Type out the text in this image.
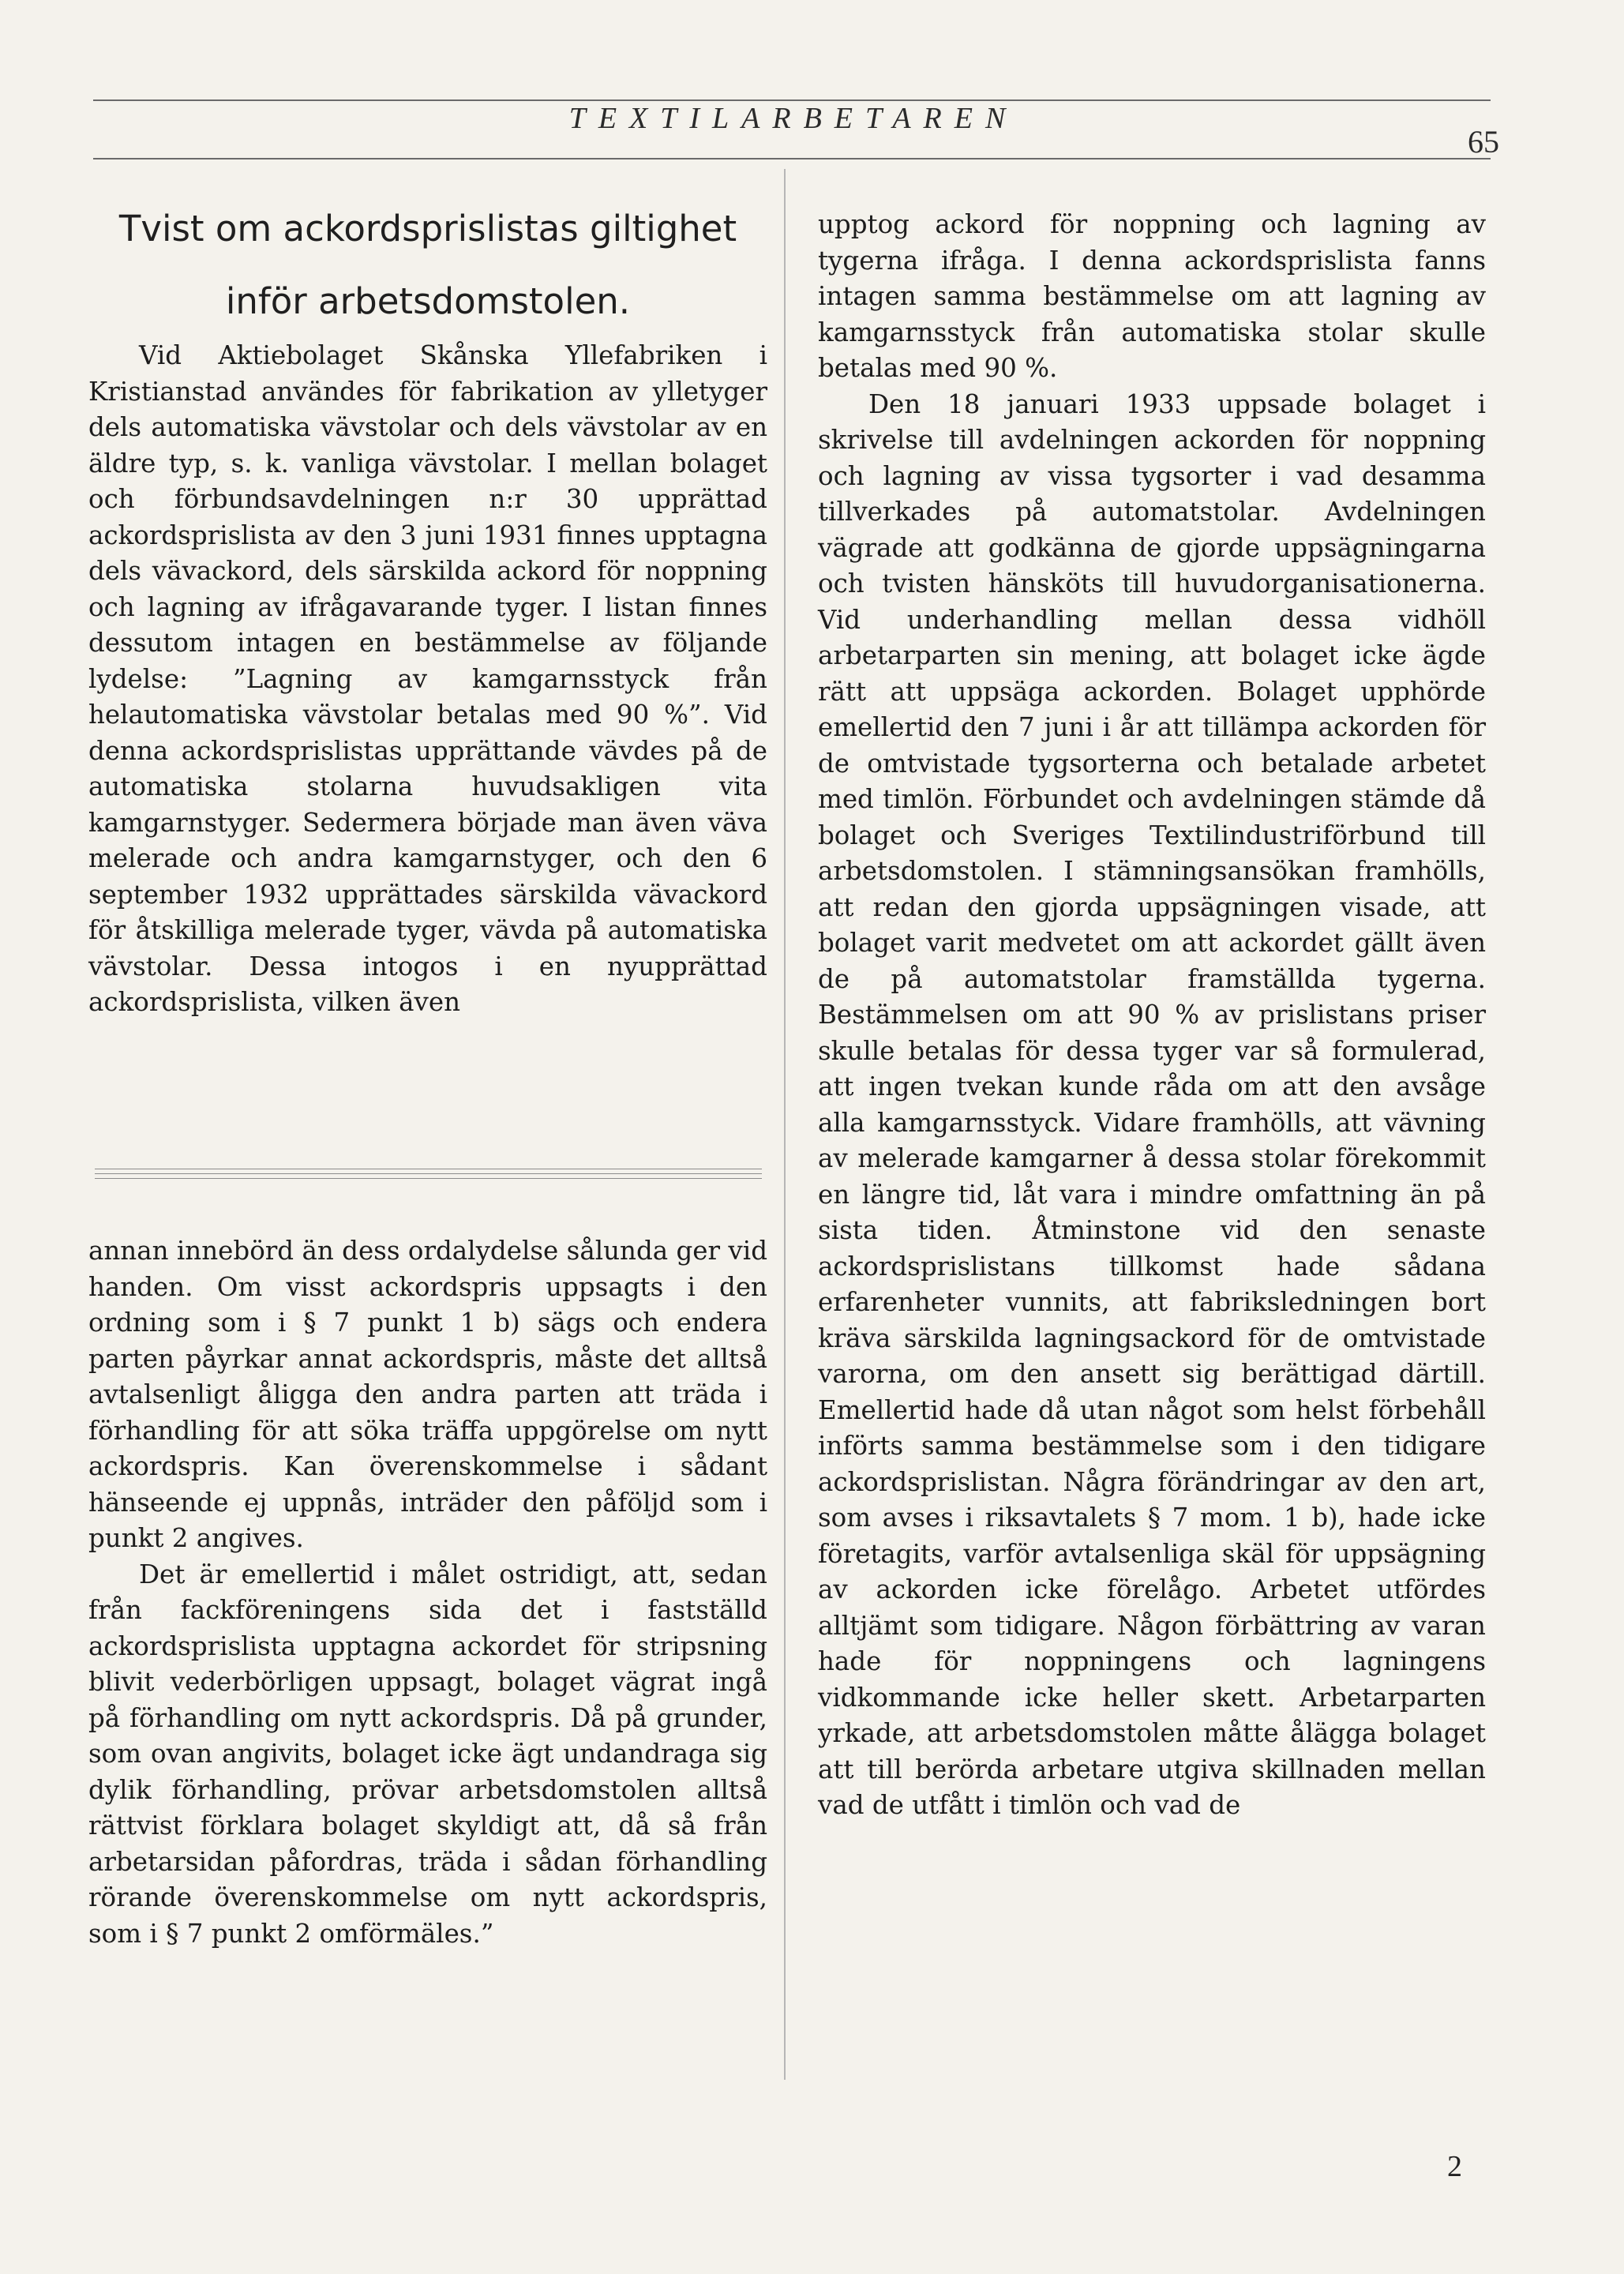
TEXTILARBETAREN
65
Tvist om ackordsprislistas giltighet
inför arbetsdomstolen.

Vid Aktiebolaget Skånska Yllefabriken i Kristianstad användes för fabrikation av ylletyger dels automatiska vävstolar och dels vävstolar av en äldre typ, s. k. vanliga vävstolar. I mellan bolaget och förbundsavdelningen n:r 30 upprättad ackordsprislista av den 3 juni 1931 finnes upptagna dels vävackord, dels särskilda ackord för noppning och lagning av ifrågavarande tyger. I listan finnes dessutom intagen en bestämmelse av följande lydelse: ”Lagning av kamgarnsstyck från helautomatiska vävstolar betalas med 90 %”. Vid denna ackordsprislistas upprättande vävdes på de automatiska stolarna huvudsakligen vita kamgarnstyger. Sedermera började man även väva melerade och andra kamgarnstyger, och den 6 september 1932 upprättades särskilda vävackord för åtskilliga melerade tyger, vävda på automatiska vävstolar. Dessa intogos i en nyupprättad ackordsprislista, vilken även

annan innebörd än dess ordalydelse sålunda ger vid handen. Om visst ackordspris uppsagts i den ordning som i § 7 punkt 1 b) sägs och endera parten påyrkar annat ackordspris, måste det alltså avtalsenligt åligga den andra parten att träda i förhandling för att söka träffa uppgörelse om nytt ackordspris. Kan överenskommelse i sådant hänseende ej uppnås, inträder den påföljd som i punkt 2 angives.

Det är emellertid i målet ostridigt, att, sedan från fackföreningens sida det i fastställd ackordsprislista upptagna ackordet för stripsning blivit vederbörligen uppsagt, bolaget vägrat ingå på förhandling om nytt ackordspris. Då på grunder, som ovan angivits, bolaget icke ägt undandraga sig dylik förhandling, prövar arbetsdomstolen alltså rättvist förklara bolaget skyldigt att, då så från arbetarsidan påfordras, träda i sådan förhandling rörande överenskommelse om nytt ackordspris, som i § 7 punkt 2 omförmäles.”

upptog ackord för noppning och lagning av tygerna ifråga. I denna ackordsprislista fanns intagen samma bestämmelse om att lagning av kamgarnsstyck från automatiska stolar skulle betalas med 90 %.

Den 18 januari 1933 uppsade bolaget i skrivelse till avdelningen ackorden för noppning och lagning av vissa tygsorter i vad desamma tillverkades på automatstolar. Avdelningen vägrade att godkänna de gjorde uppsägningarna och tvisten hänsköts till huvudorganisationerna. Vid underhandling mellan dessa vidhöll arbetarparten sin mening, att bolaget icke ägde rätt att uppsäga ackorden. Bolaget upphörde emellertid den 7 juni i år att tillämpa ackorden för de omtvistade tygsorterna och betalade arbetet med timlön. Förbundet och avdelningen stämde då bolaget och Sveriges Textilindustriförbund till arbetsdomstolen. I stämningsansökan framhölls, att redan den gjorda uppsägningen visade, att bolaget varit medvetet om att ackordet gällt även de på automatstolar framställda tygerna. Bestämmelsen om att 90 % av prislistans priser skulle betalas för dessa tyger var så formulerad, att ingen tvekan kunde råda om att den avsåge alla kamgarnsstyck. Vidare framhölls, att vävning av melerade kamgarner å dessa stolar förekommit en längre tid, låt vara i mindre omfattning än på sista tiden. Åtminstone vid den senaste ackordsprislistans tillkomst hade sådana erfarenheter vunnits, att fabriksledningen bort kräva särskilda lagningsackord för de omtvistade varorna, om den ansett sig berättigad därtill. Emellertid hade då utan något som helst förbehåll införts samma bestämmelse som i den tidigare ackordsprislistan. Några förändringar av den art, som avses i riksavtalets § 7 mom. 1 b), hade icke företagits, varför avtalsenliga skäl för uppsägning av ackorden icke förelågo. Arbetet utfördes alltjämt som tidigare. Någon förbättring av varan hade för noppningens och lagningens vidkommande icke heller skett. Arbetarparten yrkade, att arbetsdomstolen måtte ålägga bolaget att till berörda arbetare utgiva skillnaden mellan vad de utfått i timlön och vad de

2
